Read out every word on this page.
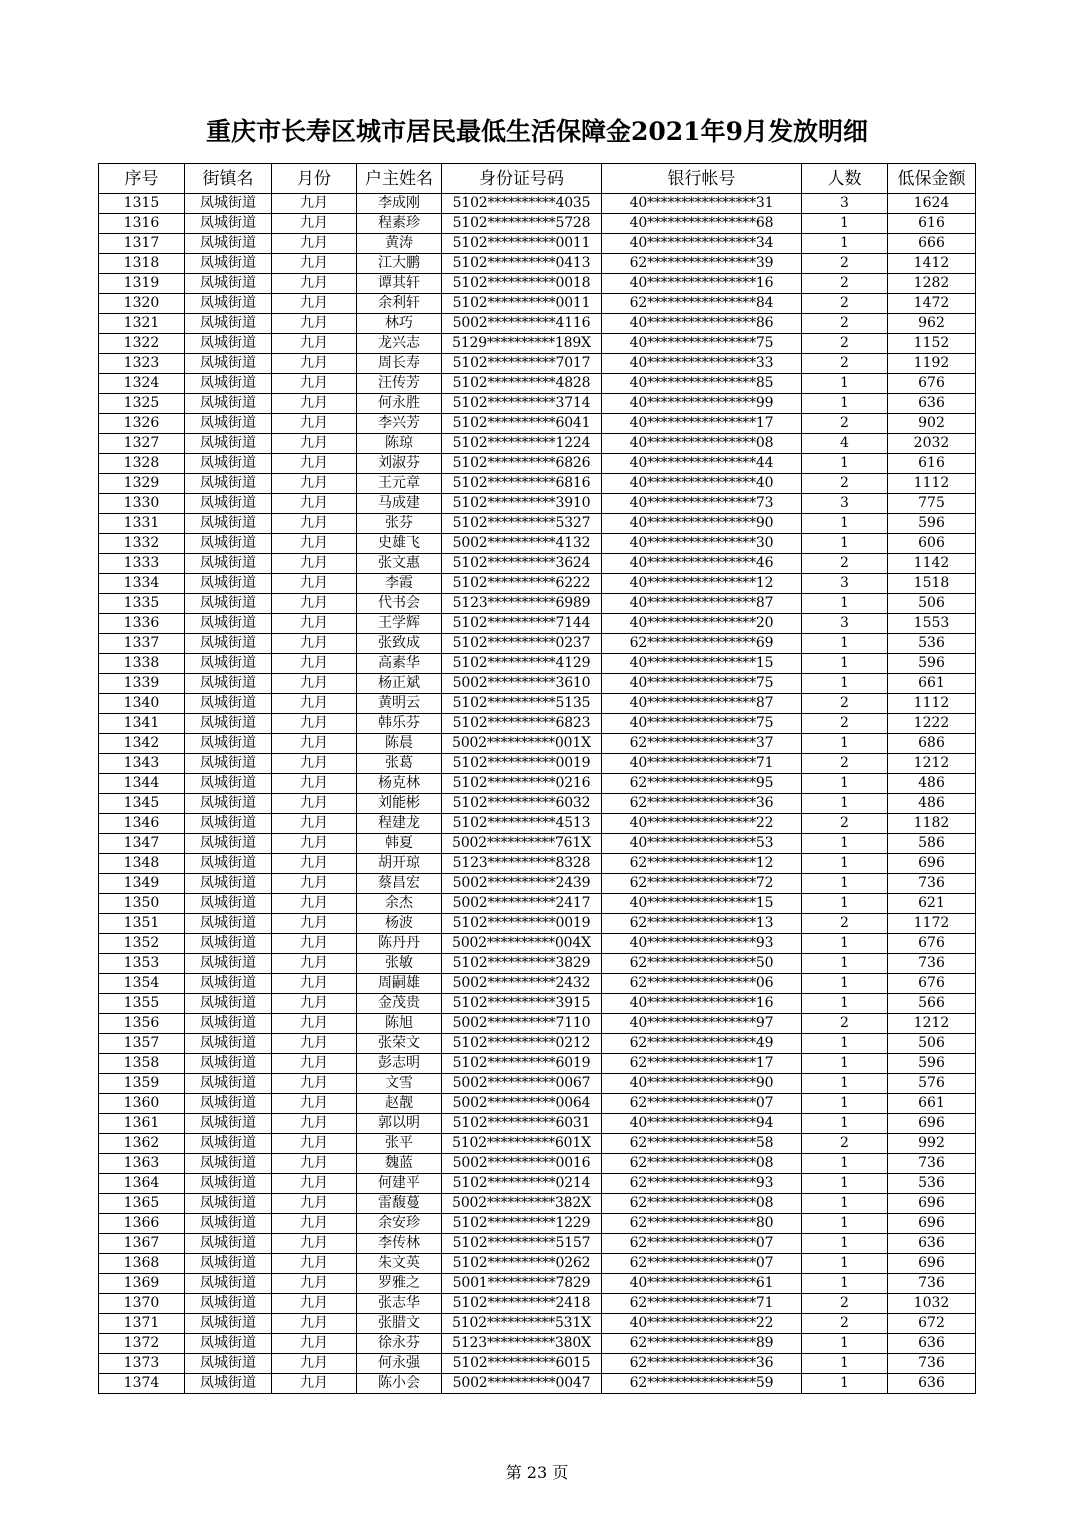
重庆市长寿区城市居民最低生活保障金2021年9月发放明细
序号	街镇名	月份	户主姓名	身份证号码	银行帐号	人数	低保金额
1315	凤城街道	九月	李成刚	5102**********4035	40****************31	3	1624
1316	凤城街道	九月	程素珍	5102**********5728	40****************68	1	616
1317	凤城街道	九月	黄涛	5102**********0011	40****************34	1	666
1318	凤城街道	九月	江大鹏	5102**********0413	62****************39	2	1412
1319	凤城街道	九月	谭其轩	5102**********0018	40****************16	2	1282
1320	凤城街道	九月	余利轩	5102**********0011	62****************84	2	1472
1321	凤城街道	九月	林巧	5002**********4116	40****************86	2	962
1322	凤城街道	九月	龙兴志	5129**********189X	40****************75	2	1152
1323	凤城街道	九月	周长寿	5102**********7017	40****************33	2	1192
1324	凤城街道	九月	汪传芳	5102**********4828	40****************85	1	676
1325	凤城街道	九月	何永胜	5102**********3714	40****************99	1	636
1326	凤城街道	九月	李兴芳	5102**********6041	40****************17	2	902
1327	凤城街道	九月	陈琼	5102**********1224	40****************08	4	2032
1328	凤城街道	九月	刘淑芬	5102**********6826	40****************44	1	616
1329	凤城街道	九月	王元章	5102**********6816	40****************40	2	1112
1330	凤城街道	九月	马成建	5102**********3910	40****************73	3	775
1331	凤城街道	九月	张芬	5102**********5327	40****************90	1	596
1332	凤城街道	九月	史雄飞	5002**********4132	40****************30	1	606
1333	凤城街道	九月	张文惠	5102**********3624	40****************46	2	1142
1334	凤城街道	九月	李霞	5102**********6222	40****************12	3	1518
1335	凤城街道	九月	代书会	5123**********6989	40****************87	1	506
1336	凤城街道	九月	王学辉	5102**********7144	40****************20	3	1553
1337	凤城街道	九月	张致成	5102**********0237	62****************69	1	536
1338	凤城街道	九月	高素华	5102**********4129	40****************15	1	596
1339	凤城街道	九月	杨正斌	5002**********3610	40****************75	1	661
1340	凤城街道	九月	黄明云	5102**********5135	40****************87	2	1112
1341	凤城街道	九月	韩乐芬	5102**********6823	40****************75	2	1222
1342	凤城街道	九月	陈晨	5002**********001X	62****************37	1	686
1343	凤城街道	九月	张葛	5102**********0019	40****************71	2	1212
1344	凤城街道	九月	杨克林	5102**********0216	62****************95	1	486
1345	凤城街道	九月	刘能彬	5102**********6032	62****************36	1	486
1346	凤城街道	九月	程建龙	5102**********4513	40****************22	2	1182
1347	凤城街道	九月	韩夏	5002**********761X	40****************53	1	586
1348	凤城街道	九月	胡开琼	5123**********8328	62****************12	1	696
1349	凤城街道	九月	蔡昌宏	5002**********2439	62****************72	1	736
1350	凤城街道	九月	余杰	5002**********2417	40****************15	1	621
1351	凤城街道	九月	杨波	5102**********0019	62****************13	2	1172
1352	凤城街道	九月	陈丹丹	5002**********004X	40****************93	1	676
1353	凤城街道	九月	张敏	5102**********3829	62****************50	1	736
1354	凤城街道	九月	周嗣雄	5002**********2432	62****************06	1	676
1355	凤城街道	九月	金茂贵	5102**********3915	40****************16	1	566
1356	凤城街道	九月	陈旭	5002**********7110	40****************97	2	1212
1357	凤城街道	九月	张荣文	5102**********0212	62****************49	1	506
1358	凤城街道	九月	彭志明	5102**********6019	62****************17	1	596
1359	凤城街道	九月	文雪	5002**********0067	40****************90	1	576
1360	凤城街道	九月	赵靓	5002**********0064	62****************07	1	661
1361	凤城街道	九月	郭以明	5102**********6031	40****************94	1	696
1362	凤城街道	九月	张平	5102**********601X	62****************58	2	992
1363	凤城街道	九月	魏蓝	5002**********0016	62****************08	1	736
1364	凤城街道	九月	何建平	5102**********0214	62****************93	1	536
1365	凤城街道	九月	雷馥蔓	5002**********382X	62****************08	1	696
1366	凤城街道	九月	余安珍	5102**********1229	62****************80	1	696
1367	凤城街道	九月	李传林	5102**********5157	62****************07	1	636
1368	凤城街道	九月	朱文英	5102**********0262	62****************07	1	696
1369	凤城街道	九月	罗雅之	5001**********7829	40****************61	1	736
1370	凤城街道	九月	张志华	5102**********2418	62****************71	2	1032
1371	凤城街道	九月	张腊文	5102**********531X	40****************22	2	672
1372	凤城街道	九月	徐永芬	5123**********380X	62****************89	1	636
1373	凤城街道	九月	何永强	5102**********6015	62****************36	1	736
1374	凤城街道	九月	陈小会	5002**********0047	62****************59	1	636
第 23 页
